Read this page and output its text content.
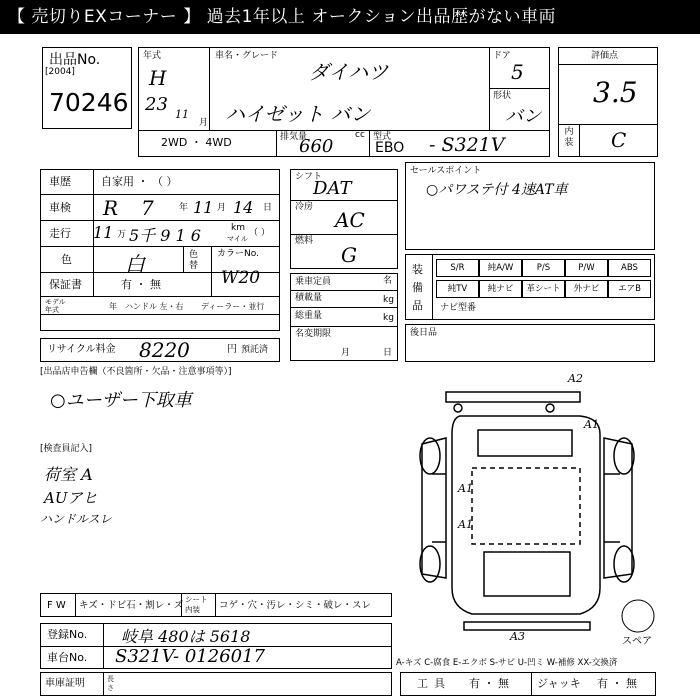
【 売切りEXコーナー 】 過去1年以上 オークション出品歴がない車両
出品No.
[2004]
70246
年式
H
23 11
月
車名・グレード
ダイハツ
ハイゼット バン
ドア
5
形状
バン
2WD ・ 4WD	排気量	cc
660	型式
EBO - S321V
評価点
3.5
内装 C
車歴	自家用 ・ （ ）
車検 R 7	年 11 月 14 日
走行 11 万 5千 9 1 6	km
マイル
（ ）
色	白	色替
カラーNo.
保証書	有 ・ 無	W20
モデル年式	年 ハンドル 左・右 ディーラー・並行
リサイクル料金 8220	円 預託済
シフト
DAT
冷房
AC
燃料
G
乗車定員	名
積載量	kg
総重量	kg
名変期限
月	日
セールスポイント
○パワステ付 4速AT車
装備品	ナビ型番
S/R	純A/W	P/S	P/W	ABS
純TV	純ナビ	革シート	外ナビ	エアB
後日品
[出品店申告欄（不良箇所・欠品・注意事項等）]
○ユーザー下取車
[検査員記入]
荷室 A
AUアヒ
ハンドルスレ
A2
A1
A1
A1
A3	スペア
F W キズ・ドビ石・割レ・ズ
シート内装	コゲ・穴・汚レ・シミ・破レ・スレ
登録No. 岐阜 480は 5618
車台No. S321V- 0126017	A-キズ C-腐食 E-エクボ S-サビ U-凹ミ W-補修 XX-交換済
車庫証明	長さ	工具 有 ・ 無	ジャッキ 有 ・ 無
